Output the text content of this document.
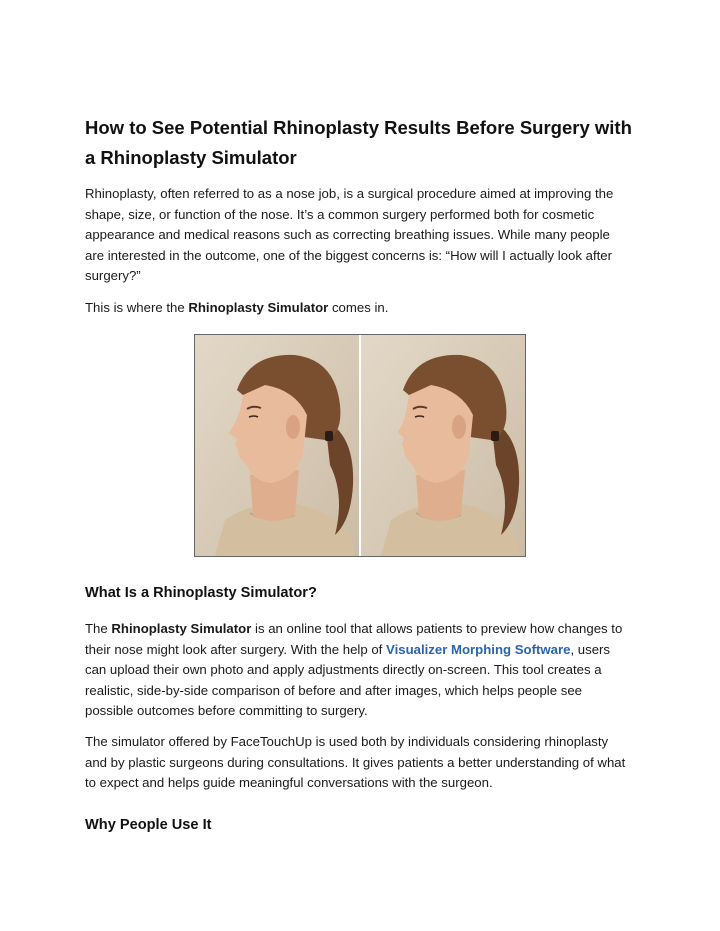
How to See Potential Rhinoplasty Results Before Surgery with a Rhinoplasty Simulator

Rhinoplasty, often referred to as a nose job, is a surgical procedure aimed at improving the shape, size, or function of the nose. It’s a common surgery performed both for cosmetic appearance and medical reasons such as correcting breathing issues. While many people are interested in the outcome, one of the biggest concerns is: “How will I actually look after surgery?”

This is where the Rhinoplasty Simulator comes in.

What Is a Rhinoplasty Simulator?

The Rhinoplasty Simulator is an online tool that allows patients to preview how changes to their nose might look after surgery. With the help of Visualizer Morphing Software, users can upload their own photo and apply adjustments directly on-screen. This tool creates a realistic, side-by-side comparison of before and after images, which helps people see possible outcomes before committing to surgery.

The simulator offered by FaceTouchUp is used both by individuals considering rhinoplasty and by plastic surgeons during consultations. It gives patients a better understanding of what to expect and helps guide meaningful conversations with the surgeon.

Why People Use It
